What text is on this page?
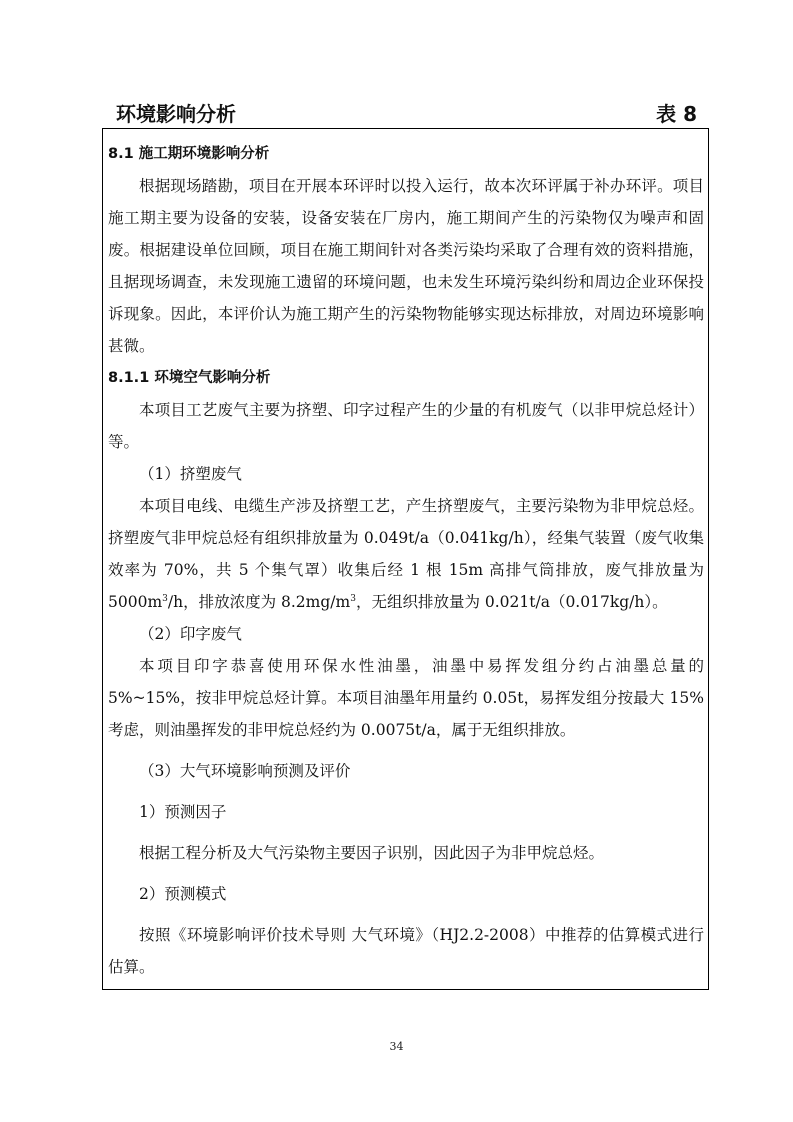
环境影响分析	表 8

8.1 施工期环境影响分析

根据现场踏勘，项目在开展本环评时以投入运行，故本次环评属于补办环评。项目施工期主要为设备的安装，设备安装在厂房内，施工期间产生的污染物仅为噪声和固废。根据建设单位回顾，项目在施工期间针对各类污染均采取了合理有效的资料措施，且据现场调查，未发现施工遗留的环境问题，也未发生环境污染纠纷和周边企业环保投诉现象。因此，本评价认为施工期产生的污染物物能够实现达标排放，对周边环境影响甚微。

8.1.1 环境空气影响分析

本项目工艺废气主要为挤塑、印字过程产生的少量的有机废气（以非甲烷总烃计）等。

（1）挤塑废气

本项目电线、电缆生产涉及挤塑工艺，产生挤塑废气，主要污染物为非甲烷总烃。挤塑废气非甲烷总烃有组织排放量为 0.049t/a（0.041kg/h），经集气装置（废气收集效率为 70%，共 5 个集气罩）收集后经 1 根 15m 高排气筒排放，废气排放量为 $5000m^3/h$，排放浓度为 $8.2mg/m^3$，无组织排放量为 0.021t/a（0.017kg/h）。

（2）印字废气

本项目印字恭喜使用环保水性油墨，油墨中易挥发组分约占油墨总量的 5%~15%，按非甲烷总烃计算。本项目油墨年用量约 0.05t，易挥发组分按最大 15%考虑，则油墨挥发的非甲烷总烃约为 0.0075t/a，属于无组织排放。

（3）大气环境影响预测及评价

1）预测因子

根据工程分析及大气污染物主要因子识别，因此因子为非甲烷总烃。

2）预测模式

按照《环境影响评价技术导则 大气环境》（HJ2.2-2008）中推荐的估算模式进行估算。

34
